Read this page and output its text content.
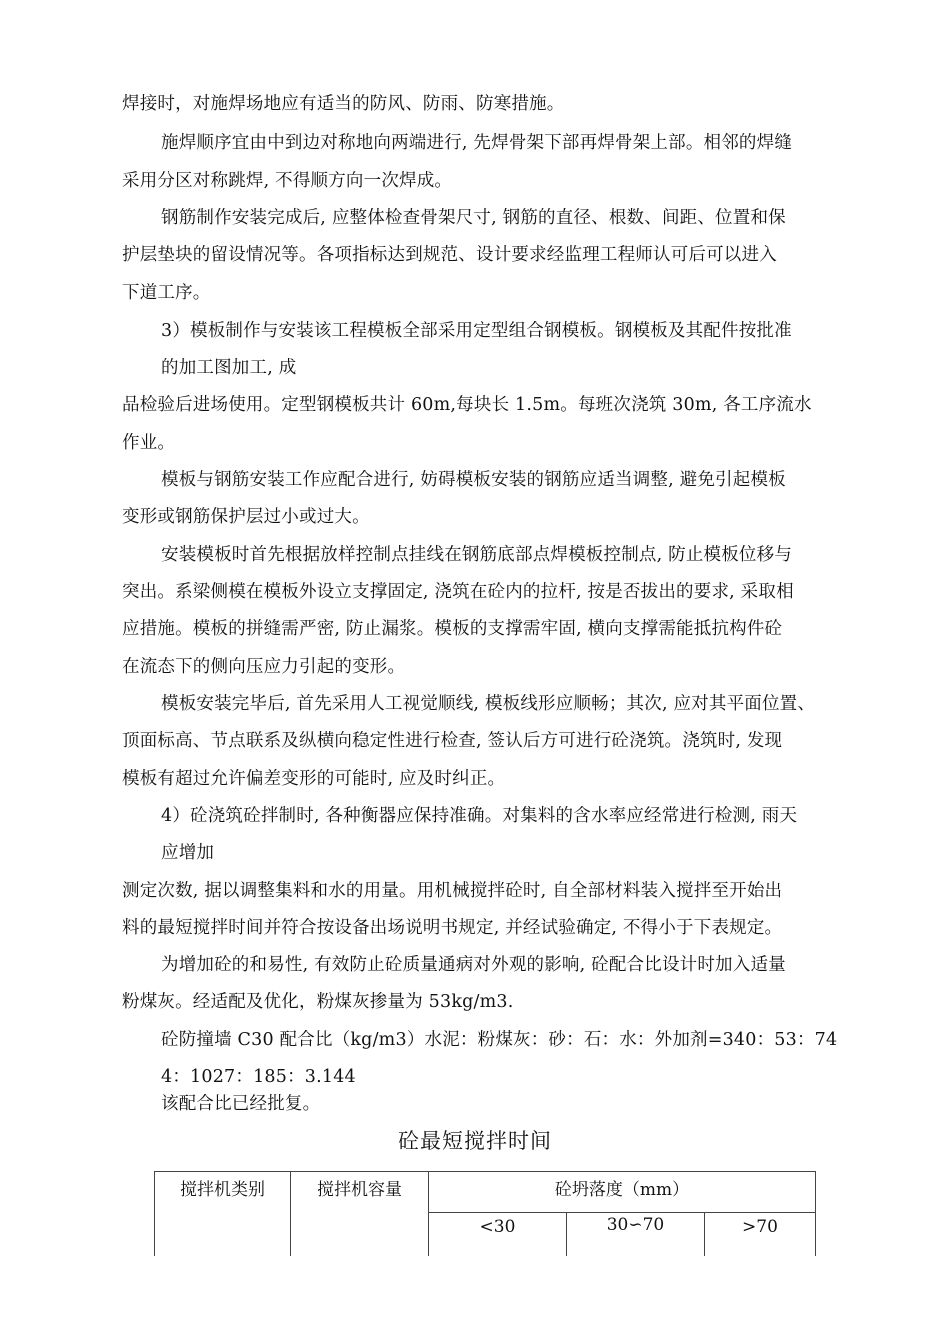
焊接时，对施焊场地应有适当的防风、防雨、防寒措施。
施焊顺序宜由中到边对称地向两端进行, 先焊骨架下部再焊骨架上部。相邻的焊缝
采用分区对称跳焊, 不得顺方向一次焊成。
钢筋制作安装完成后, 应整体检查骨架尺寸, 钢筋的直径、根数、间距、位置和保
护层垫块的留设情况等。各项指标达到规范、设计要求经监理工程师认可后可以进入
下道工序。
3）模板制作与安装该工程模板全部采用定型组合钢模板。钢模板及其配件按批准
的加工图加工, 成
品检验后进场使用。定型钢模板共计 60m,每块长 1.5m。每班次浇筑 30m, 各工序流水
作业。
模板与钢筋安装工作应配合进行, 妨碍模板安装的钢筋应适当调整, 避免引起模板
变形或钢筋保护层过小或过大。
安装模板时首先根据放样控制点挂线在钢筋底部点焊模板控制点, 防止模板位移与
突出。系梁侧模在模板外设立支撑固定, 浇筑在砼内的拉杆, 按是否拔出的要求, 采取相
应措施。模板的拼缝需严密, 防止漏浆。模板的支撑需牢固, 横向支撑需能抵抗构件砼
在流态下的侧向压应力引起的变形。
模板安装完毕后, 首先采用人工视觉顺线, 模板线形应顺畅；其次, 应对其平面位置、
顶面标高、节点联系及纵横向稳定性进行检查, 签认后方可进行砼浇筑。浇筑时, 发现
模板有超过允许偏差变形的可能时, 应及时纠正。
4）砼浇筑砼拌制时, 各种衡器应保持准确。对集料的含水率应经常进行检测, 雨天
应增加
测定次数, 据以调整集料和水的用量。用机械搅拌砼时, 自全部材料装入搅拌至开始出
料的最短搅拌时间并符合按设备出场说明书规定, 并经试验确定, 不得小于下表规定。
为增加砼的和易性, 有效防止砼质量通病对外观的影响, 砼配合比设计时加入适量
粉煤灰。经适配及优化，粉煤灰掺量为 53kg/m3.
砼防撞墙 C30 配合比（kg/m3）水泥：粉煤灰：砂：石：水：外加剂=340：53：74
4：1027：185：3.144
该配合比已经批复。
砼最短搅拌时间
搅拌机类别	搅拌机容量	砼坍落度（mm）		
		<30	30∽70	>70
